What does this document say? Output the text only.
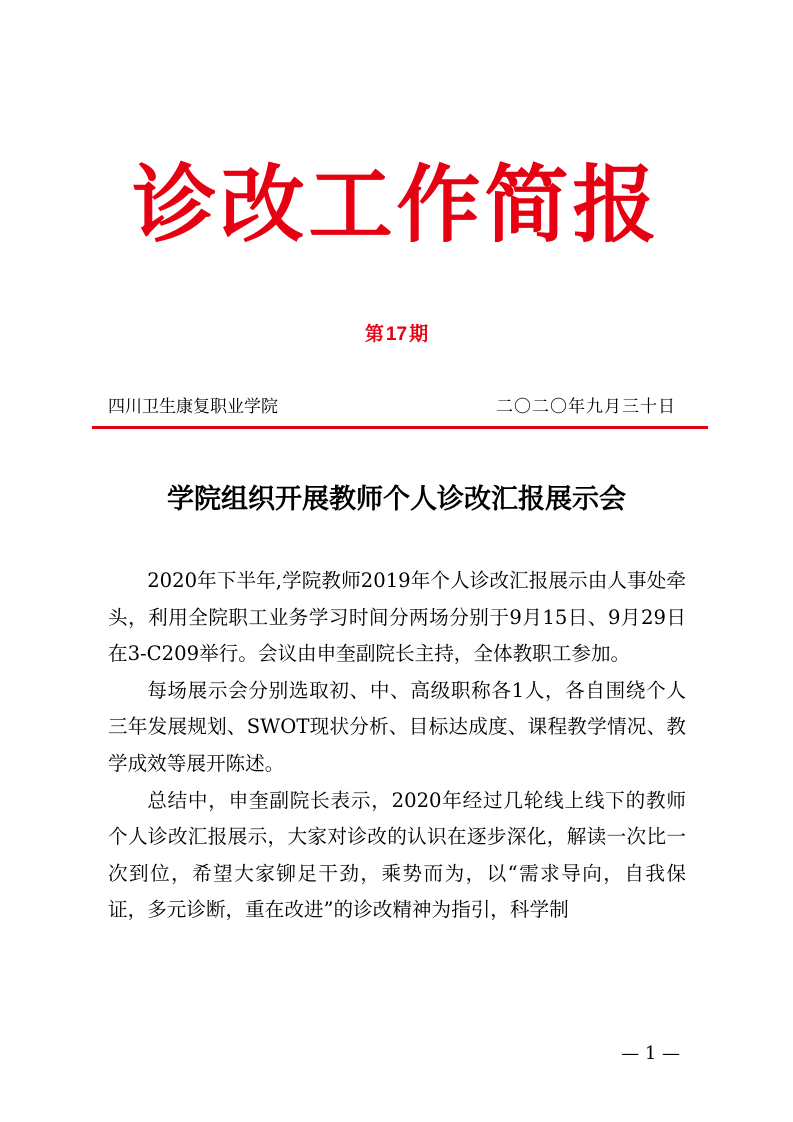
诊改工作简报
第 17 期
四川卫生康复职业学院	二〇二〇年九月三十日
学院组织开展教师个人诊改汇报展示会

2020年下半年,学院教师2019年个人诊改汇报展示由人事处牵头，利用全院职工业务学习时间分两场分别于9月15日、9月29日在3-C209举行。会议由申奎副院长主持，全体教职工参加。

每场展示会分别选取初、中、高级职称各1人，各自围绕个人三年发展规划、SWOT现状分析、目标达成度、课程教学情况、教学成效等展开陈述。

总结中，申奎副院长表示，2020年经过几轮线上线下的教师个人诊改汇报展示，大家对诊改的认识在逐步深化，解读一次比一次到位，希望大家铆足干劲，乘势而为，以“需求导向，自我保证，多元诊断，重在改进”的诊改精神为指引，科学制

— 1 —
